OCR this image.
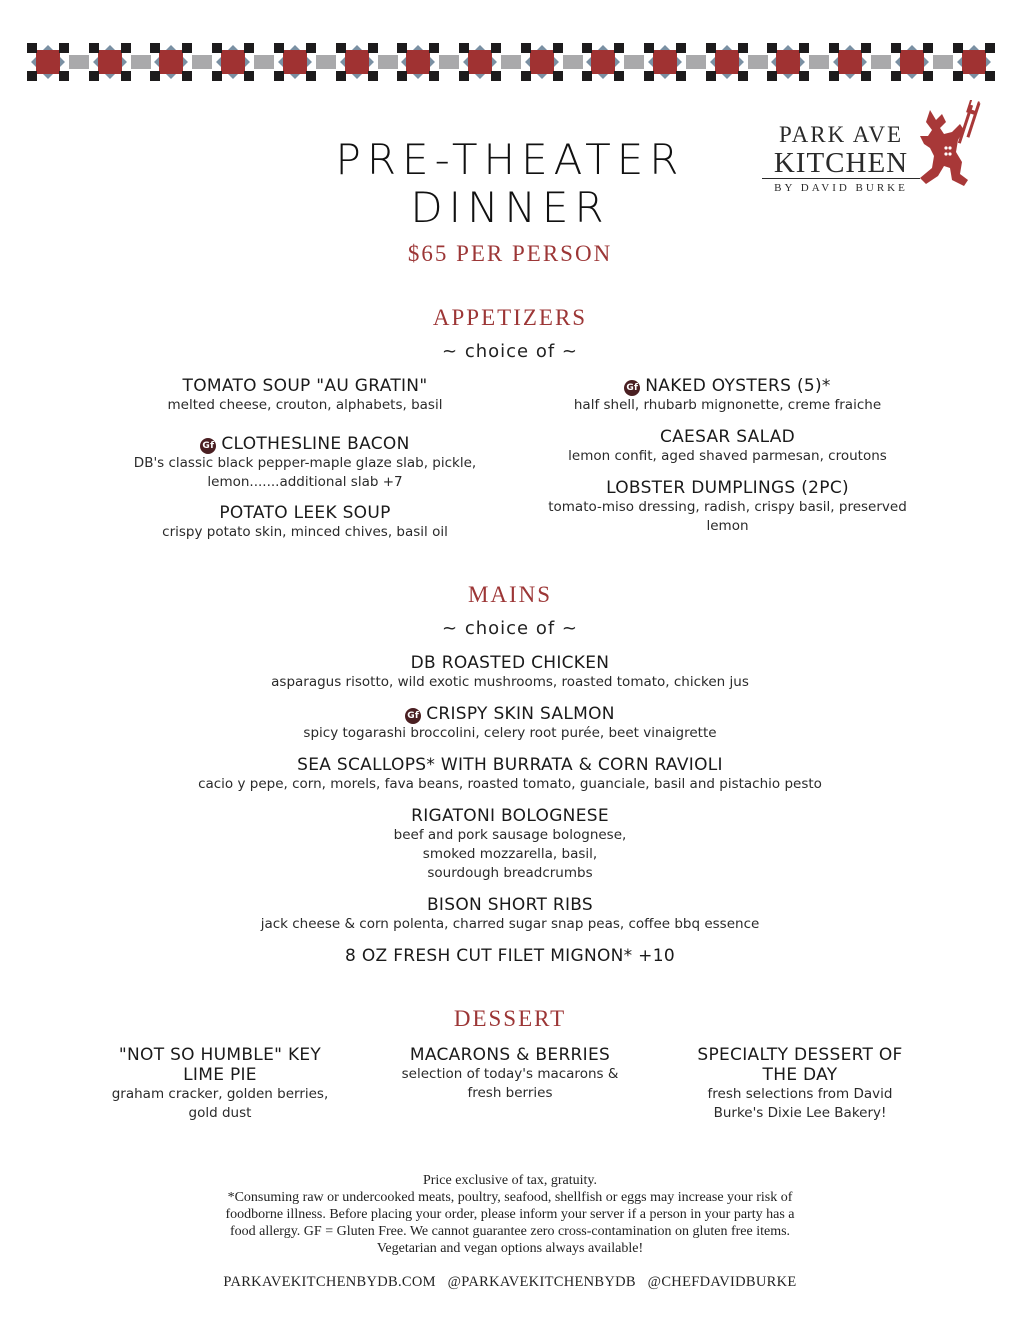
PARK AVE
KITCHEN
BY DAVID BURKE
PRE-THEATER
DINNER
$65 PER PERSON
APPETIZERS
~ choice of ~
TOMATO SOUP "AU GRATIN"
melted cheese, crouton, alphabets, basil
Gf CLOTHESLINE BACON
DB's classic black pepper-maple glaze slab, pickle,
lemon.......additional slab +7
POTATO LEEK SOUP
crispy potato skin, minced chives, basil oil
Gf NAKED OYSTERS (5)*
half shell, rhubarb mignonette, creme fraiche
CAESAR SALAD
lemon confit, aged shaved parmesan, croutons
LOBSTER DUMPLINGS (2PC)
tomato-miso dressing, radish, crispy basil, preserved
lemon
MAINS
~ choice of ~
DB ROASTED CHICKEN
asparagus risotto, wild exotic mushrooms, roasted tomato, chicken jus
Gf CRISPY SKIN SALMON
spicy togarashi broccolini, celery root purée, beet vinaigrette
SEA SCALLOPS* WITH BURRATA & CORN RAVIOLI
cacio y pepe, corn, morels, fava beans, roasted tomato, guanciale, basil and pistachio pesto
RIGATONI BOLOGNESE
beef and pork sausage bolognese,
smoked mozzarella, basil,
sourdough breadcrumbs
BISON SHORT RIBS
jack cheese & corn polenta, charred sugar snap peas, coffee bbq essence
8 OZ FRESH CUT FILET MIGNON* +10
DESSERT
"NOT SO HUMBLE" KEY
LIME PIE
graham cracker, golden berries,
gold dust
MACARONS & BERRIES
selection of today's macarons &
fresh berries
SPECIALTY DESSERT OF
THE DAY
fresh selections from David
Burke's Dixie Lee Bakery!
Price exclusive of tax, gratuity.
*Consuming raw or undercooked meats, poultry, seafood, shellfish or eggs may increase your risk of
foodborne illness. Before placing your order, please inform your server if a person in your party has a
food allergy. GF = Gluten Free. We cannot guarantee zero cross-contamination on gluten free items.
Vegetarian and vegan options always available!
PARKAVEKITCHENBYDB.COM @PARKAVEKITCHENBYDB @CHEFDAVIDBURKE
